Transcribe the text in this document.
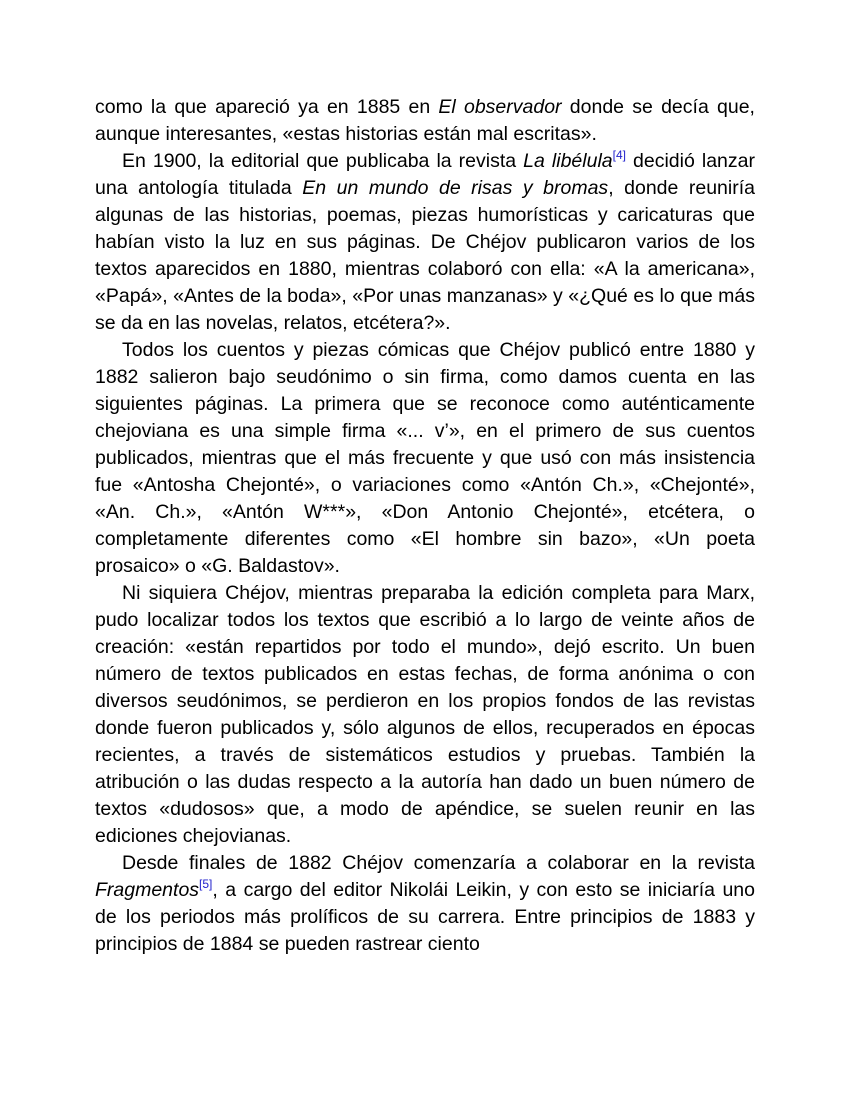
como la que apareció ya en 1885 en El observador donde se decía que, aunque interesantes, «estas historias están mal escritas».

En 1900, la editorial que publicaba la revista La libélula[4] decidió lanzar una antología titulada En un mundo de risas y bromas, donde reuniría algunas de las historias, poemas, piezas humorísticas y caricaturas que habían visto la luz en sus páginas. De Chéjov publicaron varios de los textos aparecidos en 1880, mientras colaboró con ella: «A la americana», «Papá», «Antes de la boda», «Por unas manzanas» y «¿Qué es lo que más se da en las novelas, relatos, etcétera?».

Todos los cuentos y piezas cómicas que Chéjov publicó entre 1880 y 1882 salieron bajo seudónimo o sin firma, como damos cuenta en las siguientes páginas. La primera que se reconoce como auténticamente chejoviana es una simple firma «... v’», en el primero de sus cuentos publicados, mientras que el más frecuente y que usó con más insistencia fue «Antosha Chejonté», o variaciones como «Antón Ch.», «Chejonté», «An. Ch.», «Antón W***», «Don Antonio Chejonté», etcétera, o completamente diferentes como «El hombre sin bazo», «Un poeta prosaico» o «G. Baldastov».

Ni siquiera Chéjov, mientras preparaba la edición completa para Marx, pudo localizar todos los textos que escribió a lo largo de veinte años de creación: «están repartidos por todo el mundo», dejó escrito. Un buen número de textos publicados en estas fechas, de forma anónima o con diversos seudónimos, se perdieron en los propios fondos de las revistas donde fueron publicados y, sólo algunos de ellos, recuperados en épocas recientes, a través de sistemáticos estudios y pruebas. También la atribución o las dudas respecto a la autoría han dado un buen número de textos «dudosos» que, a modo de apéndice, se suelen reunir en las ediciones chejovianas.

Desde finales de 1882 Chéjov comenzaría a colaborar en la revista Fragmentos[5], a cargo del editor Nikolái Leikin, y con esto se iniciaría uno de los periodos más prolíficos de su carrera. Entre principios de 1883 y principios de 1884 se pueden rastrear ciento
